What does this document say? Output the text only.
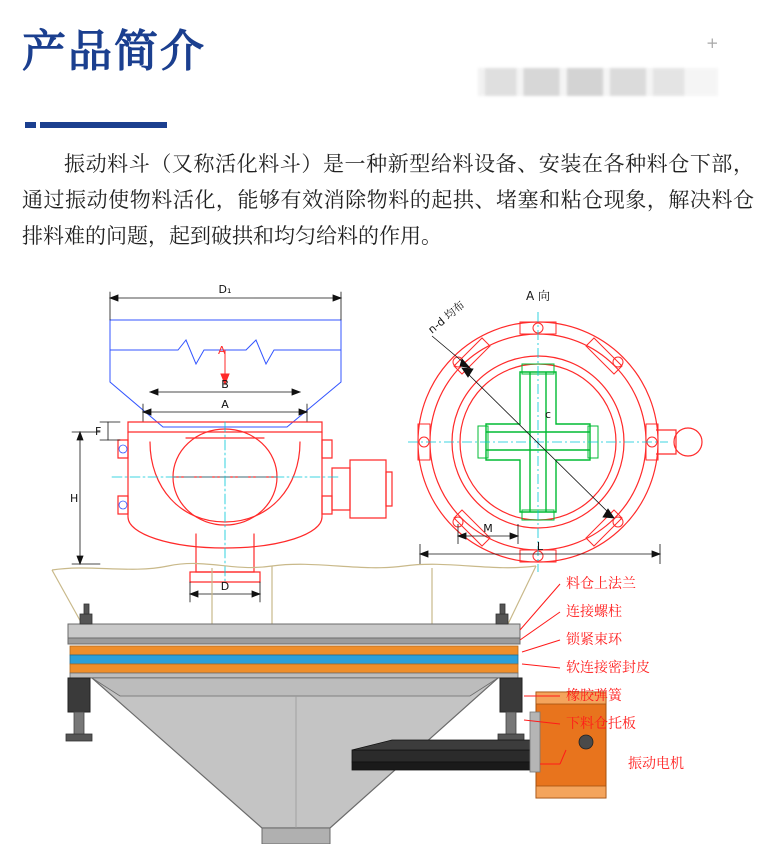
产品简介	+
振动料斗（又称活化料斗）是一种新型给料设备、安装在各种料仓下部，通过振动使物料活化，能够有效消除物料的起拱、堵塞和粘仓现象，解决料仓排料难的问题，起到破拱和均匀给料的作用。
D₁
A
B
A
F
H
D
A 向
c
n-d 均布
M
L
料仓上法兰
连接螺柱
锁紧束环
软连接密封皮
橡胶弹簧
下料仓托板
振动电机
